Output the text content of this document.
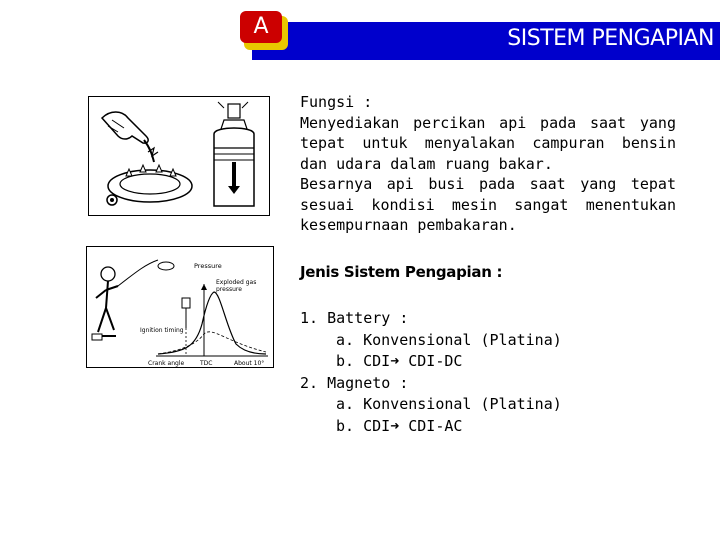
SISTEM PENGAPIAN
A
Pressure
Exploded gas
pressure
Ignition timing
Crank angle	TDC	About 10°
Fungsi :

Menyediakan percikan api pada saat yang tepat untuk menyalakan campuran bensin dan udara dalam ruang bakar.

Besarnya api busi pada saat yang tepat sesuai kondisi mesin sangat menentukan kesempurnaan pembakaran.

Jenis Sistem Pengapian :
1. Battery :
a. Konvensional (Platina)
b. CDI➜ CDI-DC
2. Magneto :
a. Konvensional (Platina)
b. CDI➜ CDI-AC
